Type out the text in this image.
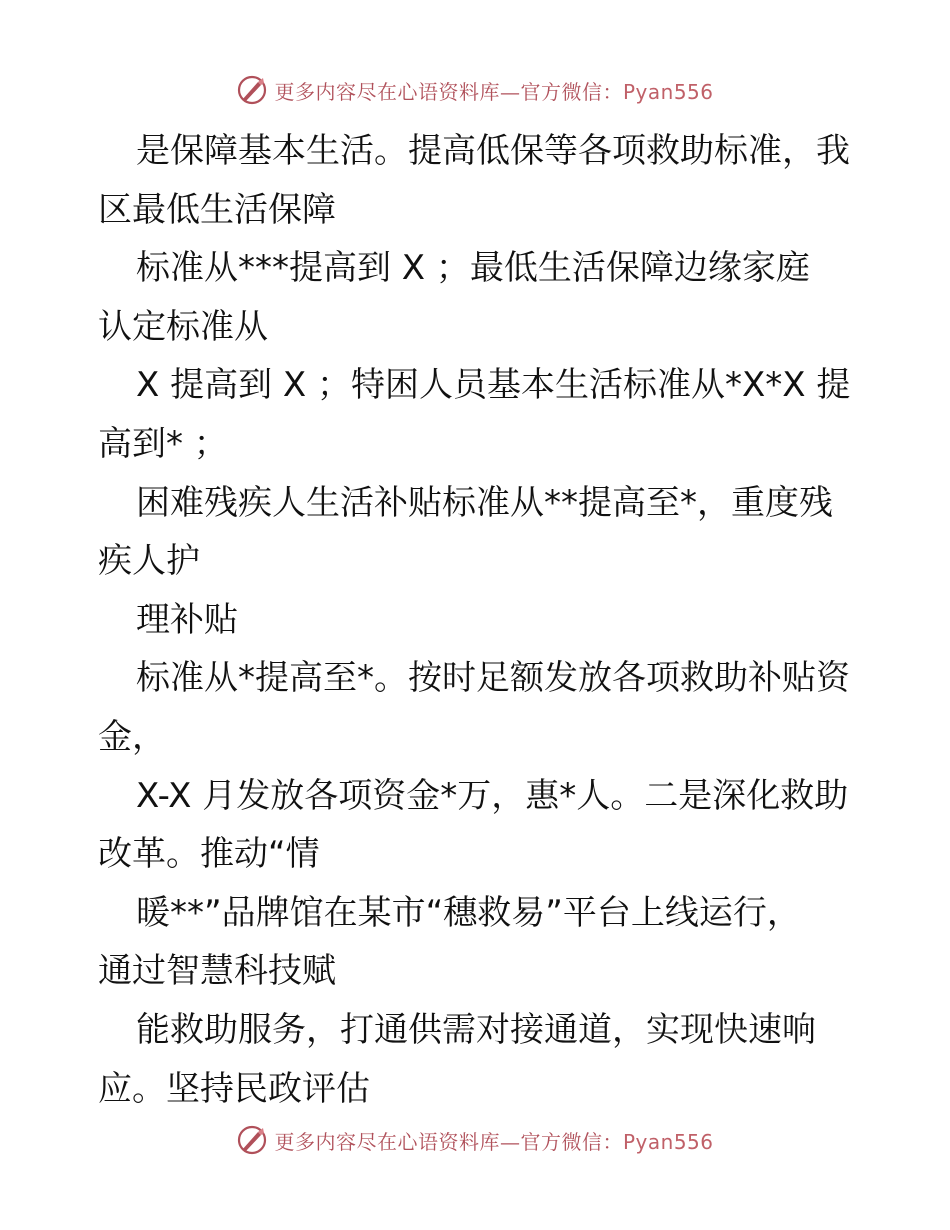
更多内容尽在心语资料库—官方微信：Pyan556
是保障基本生活。提高低保等各项救助标准，我
区最低生活保障
标准从***提高到 X ；最低生活保障边缘家庭
认定标准从
X 提高到 X ；特困人员基本生活标准从*X*X 提
高到* ；
困难残疾人生活补贴标准从**提高至*，重度残
疾人护
理补贴
标准从*提高至*。按时足额发放各项救助补贴资
金，
X-X 月发放各项资金*万，惠*人。二是深化救助
改革。推动“情
暖**”品牌馆在某市“穗救易”平台上线运行，
通过智慧科技赋
能救助服务，打通供需对接通道，实现快速响
应。坚持民政评估
更多内容尽在心语资料库—官方微信：Pyan556
